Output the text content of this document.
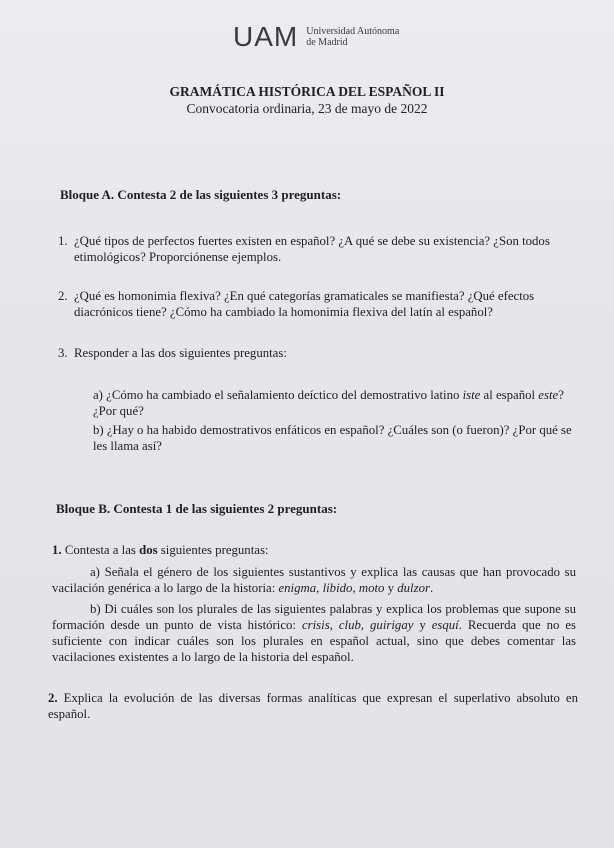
UAM Universidad Autónoma
de Madrid
GRAMÁTICA HISTÓRICA DEL ESPAÑOL II
Convocatoria ordinaria, 23 de mayo de 2022
Bloque A. Contesta 2 de las siguientes 3 preguntas:
1. ¿Qué tipos de perfectos fuertes existen en español? ¿A qué se debe su existencia? ¿Son todos etimológicos? Proporciónense ejemplos.
2. ¿Qué es homonimia flexiva? ¿En qué categorías gramaticales se manifiesta? ¿Qué efectos diacrónicos tiene? ¿Cómo ha cambiado la homonimia flexiva del latín al español?
3. Responder a las dos siguientes preguntas:
a) ¿Cómo ha cambiado el señalamiento deíctico del demostrativo latino iste al español este? ¿Por qué?
b) ¿Hay o ha habido demostrativos enfáticos en español? ¿Cuáles son (o fueron)? ¿Por qué se les llama así?
Bloque B. Contesta 1 de las siguientes 2 preguntas:
1. Contesta a las dos siguientes preguntas:
a) Señala el género de los siguientes sustantivos y explica las causas que han provocado su vacilación genérica a lo largo de la historia: enigma, libido, moto y dulzor.
b) Di cuáles son los plurales de las siguientes palabras y explica los problemas que supone su formación desde un punto de vista histórico: crisis, club, guirigay y esquí. Recuerda que no es suficiente con indicar cuáles son los plurales en español actual, sino que debes comentar las vacilaciones existentes a lo largo de la historia del español.
2. Explica la evolución de las diversas formas analíticas que expresan el superlativo absoluto en español.
